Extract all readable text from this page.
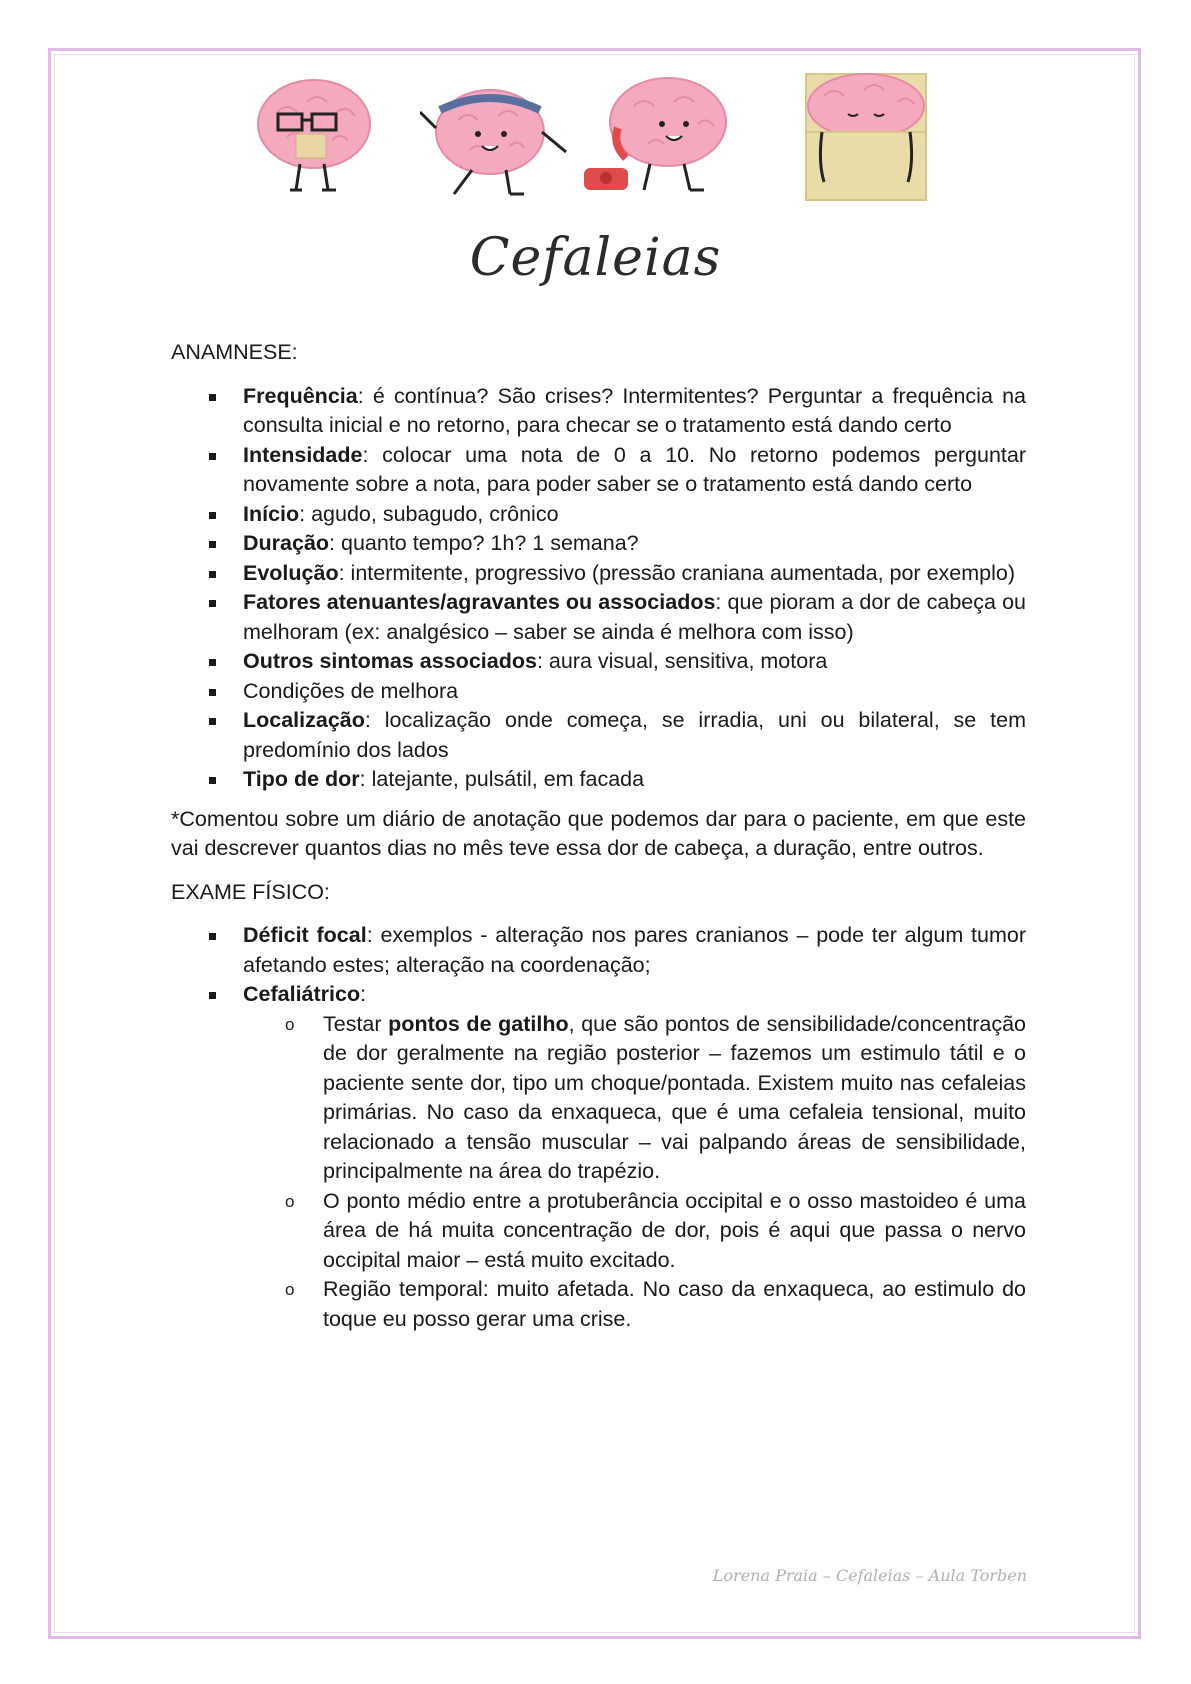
Cefaleias

ANAMNESE:

Frequência: é contínua? São crises? Intermitentes? Perguntar a frequência na consulta inicial e no retorno, para checar se o tratamento está dando certo
Intensidade: colocar uma nota de 0 a 10. No retorno podemos perguntar novamente sobre a nota, para poder saber se o tratamento está dando certo
Início: agudo, subagudo, crônico
Duração: quanto tempo? 1h? 1 semana?
Evolução: intermitente, progressivo (pressão craniana aumentada, por exemplo)
Fatores atenuantes/agravantes ou associados: que pioram a dor de cabeça ou melhoram (ex: analgésico – saber se ainda é melhora com isso)
Outros sintomas associados: aura visual, sensitiva, motora
Condições de melhora
Localização: localização onde começa, se irradia, uni ou bilateral, se tem predomínio dos lados
Tipo de dor: latejante, pulsátil, em facada

*Comentou sobre um diário de anotação que podemos dar para o paciente, em que este vai descrever quantos dias no mês teve essa dor de cabeça, a duração, entre outros.

EXAME FÍSICO:

Déficit focal: exemplos - alteração nos pares cranianos – pode ter algum tumor afetando estes; alteração na coordenação;
Cefaliátrico:
o Testar pontos de gatilho, que são pontos de sensibilidade/concentração de dor geralmente na região posterior – fazemos um estimulo tátil e o paciente sente dor, tipo um choque/pontada. Existem muito nas cefaleias primárias. No caso da enxaqueca, que é uma cefaleia tensional, muito relacionado a tensão muscular – vai palpando áreas de sensibilidade, principalmente na área do trapézio.
o O ponto médio entre a protuberância occipital e o osso mastoideo é uma área de há muita concentração de dor, pois é aqui que passa o nervo occipital maior – está muito excitado.
o Região temporal: muito afetada. No caso da enxaqueca, ao estimulo do toque eu posso gerar uma crise.
Lorena Praia – Cefaleias – Aula Torben
